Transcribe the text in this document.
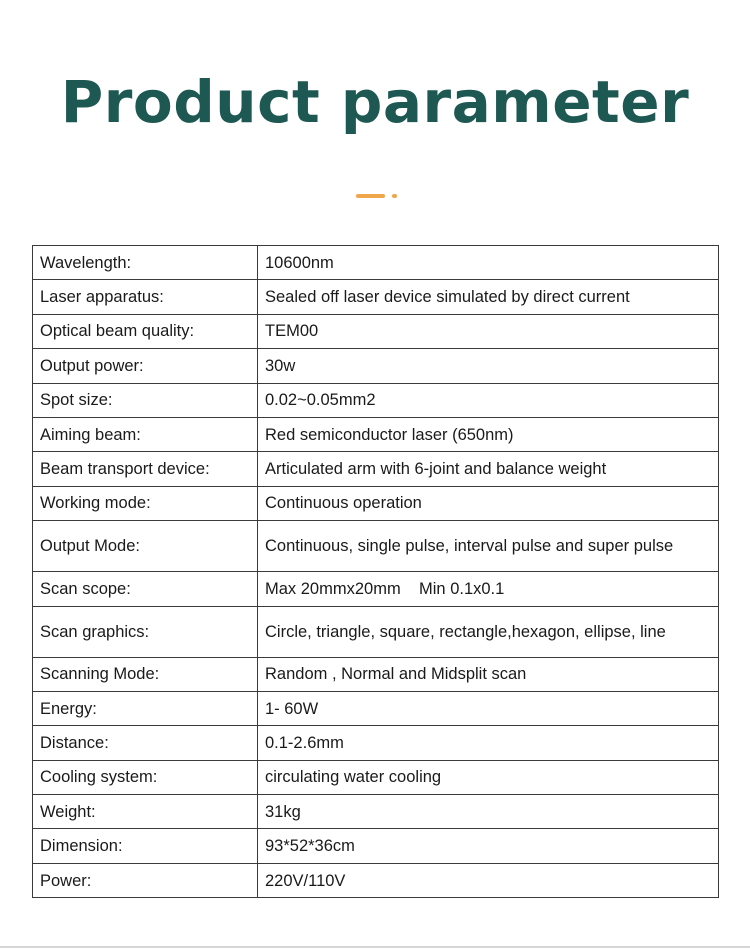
Product parameter
Wavelength:	10600nm
Laser apparatus:	Sealed off laser device simulated by direct current
Optical beam quality:	TEM00
Output power:	30w
Spot size:	0.02~0.05mm2
Aiming beam:	Red semiconductor laser (650nm)
Beam transport device:	Articulated arm with 6-joint and balance weight
Working mode:	Continuous operation
Output Mode:	Continuous, single pulse, interval pulse and super pulse
Scan scope:	Max 20mmx20mm    Min 0.1x0.1
Scan graphics:	Circle, triangle, square, rectangle,hexagon, ellipse, line
Scanning Mode:	Random , Normal and Midsplit scan
Energy:	1- 60W
Distance:	0.1-2.6mm
Cooling system:	circulating water cooling
Weight:	31kg
Dimension:	93*52*36cm
Power:	220V/110V
